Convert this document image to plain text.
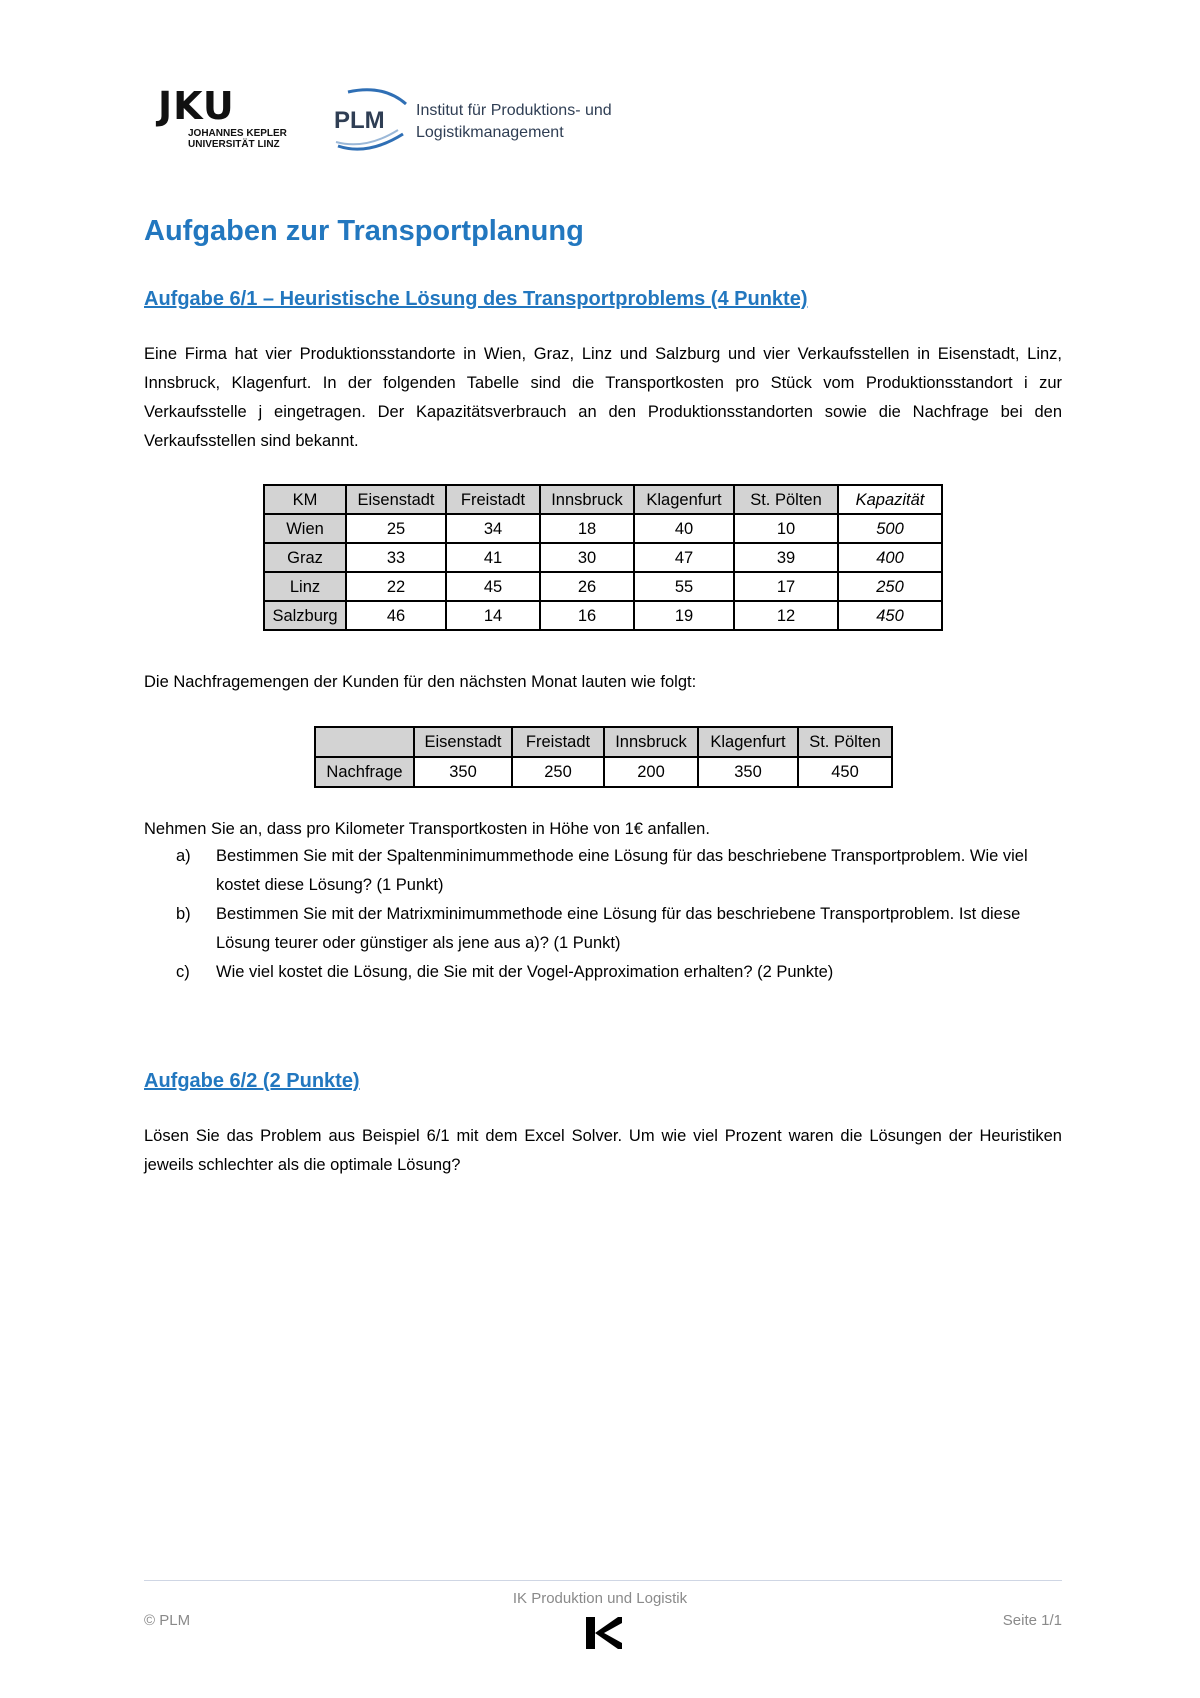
JKU
JOHANNES KEPLER UNIVERSITÄT LINZ
PLM Institut für Produktions- und
Logistikmanagement
Aufgaben zur Transportplanung
Aufgabe 6/1 – Heuristische Lösung des Transportproblems (4 Punkte)
Eine Firma hat vier Produktionsstandorte in Wien, Graz, Linz und Salzburg und vier Verkaufsstellen in Eisenstadt, Linz, Innsbruck, Klagenfurt. In der folgenden Tabelle sind die Transportkosten pro Stück vom Produktionsstandort i zur Verkaufsstelle j eingetragen. Der Kapazitätsverbrauch an den Produktionsstandorten sowie die Nachfrage bei den Verkaufsstellen sind bekannt.
KM	Eisenstadt	Freistadt	Innsbruck	Klagenfurt	St. Pölten	Kapazität
Wien	25	34	18	40	10	500
Graz	33	41	30	47	39	400
Linz	22	45	26	55	17	250
Salzburg	46	14	16	19	12	450
Die Nachfragemengen der Kunden für den nächsten Monat lauten wie folgt:
	Eisenstadt	Freistadt	Innsbruck	Klagenfurt	St. Pölten
Nachfrage	350	250	200	350	450
Nehmen Sie an, dass pro Kilometer Transportkosten in Höhe von 1€ anfallen.
a) Bestimmen Sie mit der Spaltenminimummethode eine Lösung für das beschriebene Transportproblem. Wie viel kostet diese Lösung? (1 Punkt)
b) Bestimmen Sie mit der Matrixminimummethode eine Lösung für das beschriebene Transportproblem. Ist diese Lösung teurer oder günstiger als jene aus a)? (1 Punkt)
c) Wie viel kostet die Lösung, die Sie mit der Vogel-Approximation erhalten? (2 Punkte)
Aufgabe 6/2 (2 Punkte)
Lösen Sie das Problem aus Beispiel 6/1 mit dem Excel Solver. Um wie viel Prozent waren die Lösungen der Heuristiken jeweils schlechter als die optimale Lösung?
IK Produktion und Logistik
© PLM	Seite 1/1
